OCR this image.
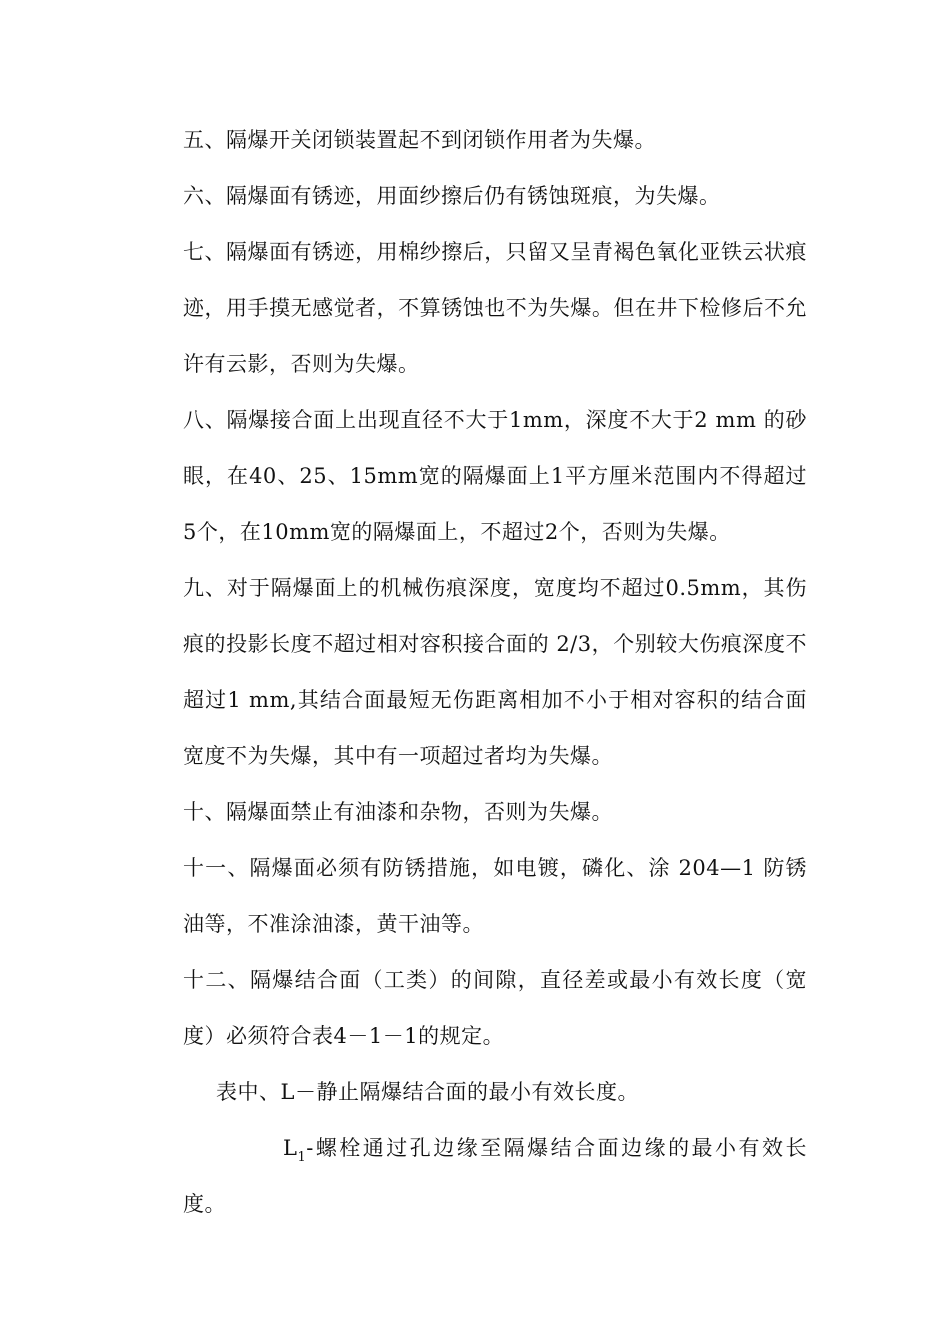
五、隔爆开关闭锁装置起不到闭锁作用者为失爆。

六、隔爆面有锈迹，用面纱擦后仍有锈蚀斑痕，为失爆。

七、隔爆面有锈迹，用棉纱擦后，只留又呈青褐色氧化亚铁云状痕迹，用手摸无感觉者，不算锈蚀也不为失爆。但在井下检修后不允许有云影，否则为失爆。

八、隔爆接合面上出现直径不大于1mm，深度不大于2 mm 的砂眼，在40、25、15mm宽的隔爆面上1平方厘米范围内不得超过5个，在10mm宽的隔爆面上，不超过2个，否则为失爆。

九、对于隔爆面上的机械伤痕深度，宽度均不超过0.5mm，其伤痕的投影长度不超过相对容积接合面的 2/3，个别较大伤痕深度不超过1 mm,其结合面最短无伤距离相加不小于相对容积的结合面宽度不为失爆，其中有一项超过者均为失爆。

十、隔爆面禁止有油漆和杂物，否则为失爆。

十一、隔爆面必须有防锈措施，如电镀，磷化、涂 204—1 防锈油等，不准涂油漆，黄干油等。

十二、隔爆结合面（工类）的间隙，直径差或最小有效长度（宽度）必须符合表4－1－1的规定。

表中、L－静止隔爆结合面的最小有效长度。

$L_1-$螺栓通过孔边缘至隔爆结合面边缘的最小有效长度。
